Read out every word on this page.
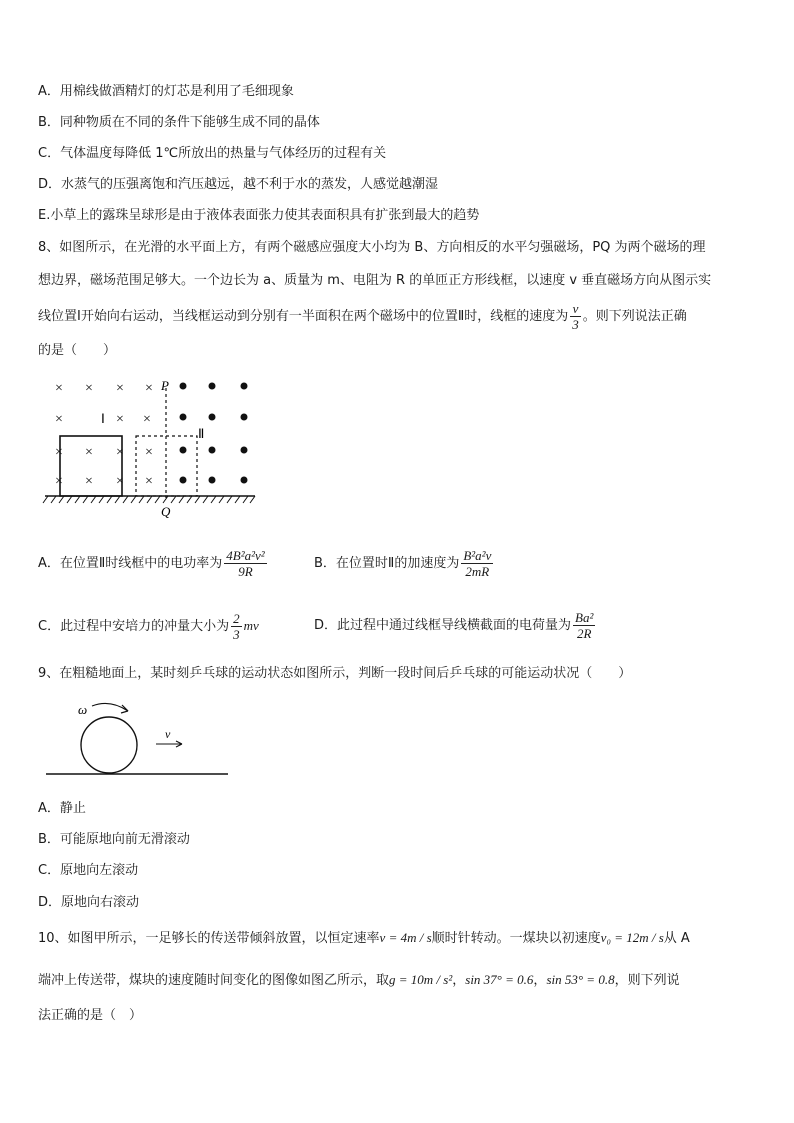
A．用棉线做酒精灯的灯芯是利用了毛细现象
B．同种物质在不同的条件下能够生成不同的晶体
C．气体温度每降低 1℃所放出的热量与气体经历的过程有关
D．水蒸气的压强离饱和汽压越远，越不利于水的蒸发，人感觉越潮湿
E.小草上的露珠呈球形是由于液体表面张力使其表面积具有扩张到最大的趋势
8、如图所示，在光滑的水平面上方，有两个磁感应强度大小均为 B、方向相反的水平匀强磁场，PQ 为两个磁场的理
想边界，磁场范围足够大。一个边长为 a、质量为 m、电阻为 R 的单匝正方形线框，以速度 v 垂直磁场方向从图示实
线位置Ⅰ开始向右运动，当线框运动到分别有一半面积在两个磁场中的位置Ⅱ时，线框的速度为 $\frac{v}{3}$ 。则下列说法正确
的是（　　）
× × × ×
×	× ×
× × × ×
× × × ×
P
Q
Ⅰ
Ⅱ
A．在位置Ⅱ时线框中的电功率为 $\frac{\text{4B²a²v²}}{9R}$	B．在位置时Ⅱ的加速度为 $\frac{\text{B²a²v}}{2mR}$
C．此过程中安培力的冲量大小为 $\frac{2}{3}$ mv	D．此过程中通过线框导线横截面的电荷量为 $\frac{\text{Ba²}}{2R}$
9、在粗糙地面上，某时刻乒乓球的运动状态如图所示，判断一段时间后乒乓球的可能运动状况（　　）
ω
v
A．静止
B．可能原地向前无滑滚动
C．原地向左滚动
D．原地向右滚动
10、如图甲所示，一足够长的传送带倾斜放置，以恒定速率v = 4m / s顺时针转动。一煤块以初速度v₀ = 12m / s从 A
端冲上传送带，煤块的速度随时间变化的图像如图乙所示，取g = 10m / s²，sin 37° = 0.6，sin 53° = 0.8，则下列说
法正确的是（　）
